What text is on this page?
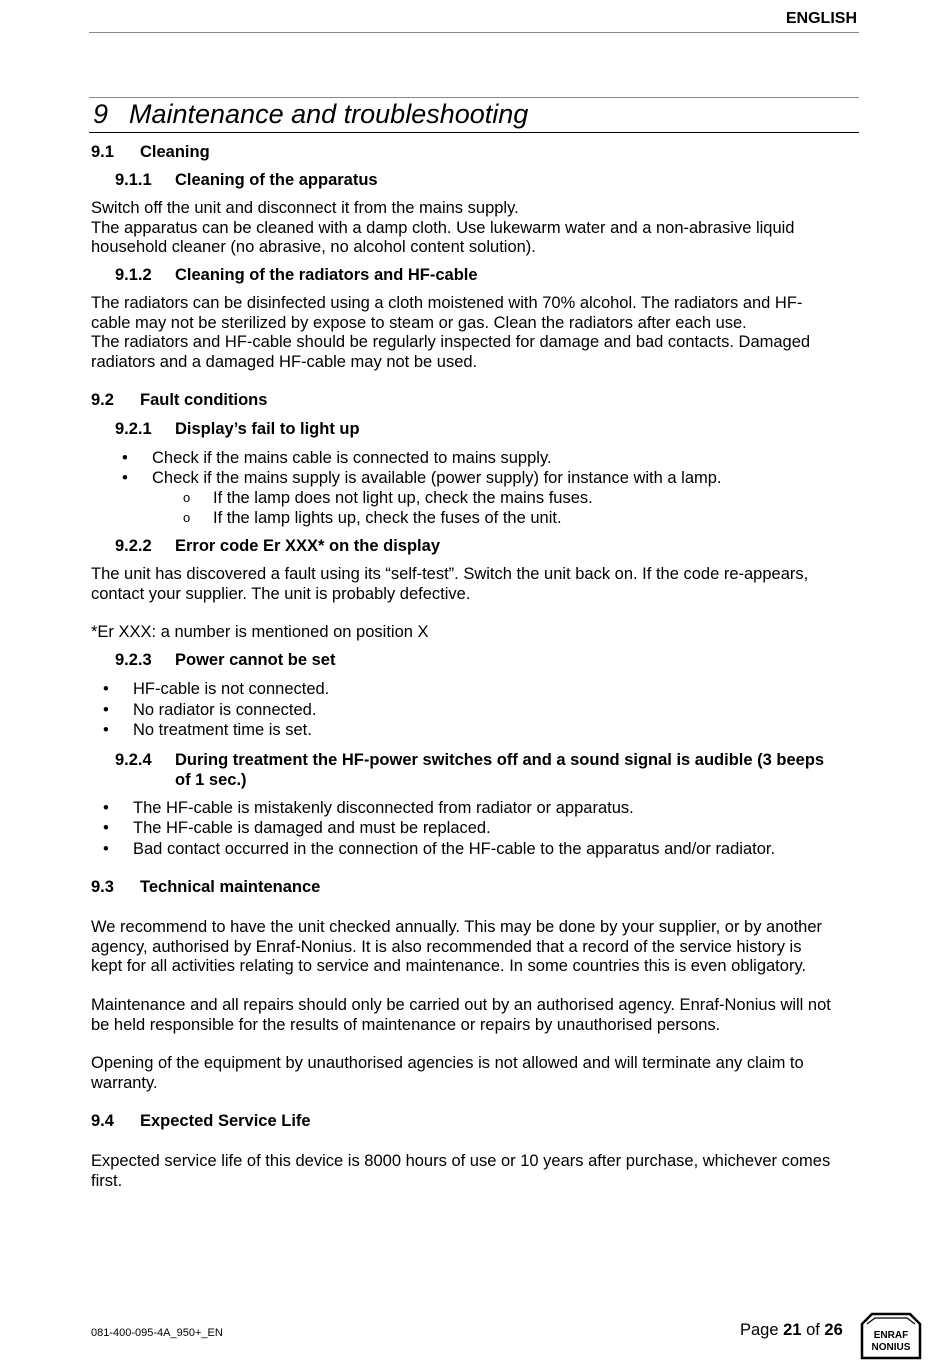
ENGLISH
9 Maintenance and troubleshooting
9.1 Cleaning
9.1.1 Cleaning of the apparatus
Switch off the unit and disconnect it from the mains supply.
The apparatus can be cleaned with a damp cloth. Use lukewarm water and a non-abrasive liquid
household cleaner (no abrasive, no alcohol content solution).
9.1.2 Cleaning of the radiators and HF-cable
The radiators can be disinfected using a cloth moistened with 70% alcohol. The radiators and HF-
cable may not be sterilized by expose to steam or gas. Clean the radiators after each use.
The radiators and HF-cable should be regularly inspected for damage and bad contacts. Damaged
radiators and a damaged HF-cable may not be used.
9.2 Fault conditions
9.2.1 Display’s fail to light up
• Check if the mains cable is connected to mains supply.
• Check if the mains supply is available (power supply) for instance with a lamp.
o If the lamp does not light up, check the mains fuses.
o If the lamp lights up, check the fuses of the unit.
9.2.2 Error code Er XXX* on the display
The unit has discovered a fault using its “self-test”. Switch the unit back on. If the code re-appears,
contact your supplier. The unit is probably defective.
*Er XXX: a number is mentioned on position X
9.2.3 Power cannot be set
• HF-cable is not connected.
• No radiator is connected.
• No treatment time is set.
9.2.4 During treatment the HF-power switches off and a sound signal is audible (3 beeps
of 1 sec.)
• The HF-cable is mistakenly disconnected from radiator or apparatus.
• The HF-cable is damaged and must be replaced.
• Bad contact occurred in the connection of the HF-cable to the apparatus and/or radiator.
9.3 Technical maintenance
We recommend to have the unit checked annually. This may be done by your supplier, or by another
agency, authorised by Enraf-Nonius. It is also recommended that a record of the service history is
kept for all activities relating to service and maintenance. In some countries this is even obligatory.
Maintenance and all repairs should only be carried out by an authorised agency. Enraf-Nonius will not
be held responsible for the results of maintenance or repairs by unauthorised persons.
Opening of the equipment by unauthorised agencies is not allowed and will terminate any claim to
warranty.
9.4 Expected Service Life
Expected service life of this device is 8000 hours of use or 10 years after purchase, whichever comes
first.
081-400-095-4A_950+_EN	Page 21 of 26	ENRAF
NONIUS
